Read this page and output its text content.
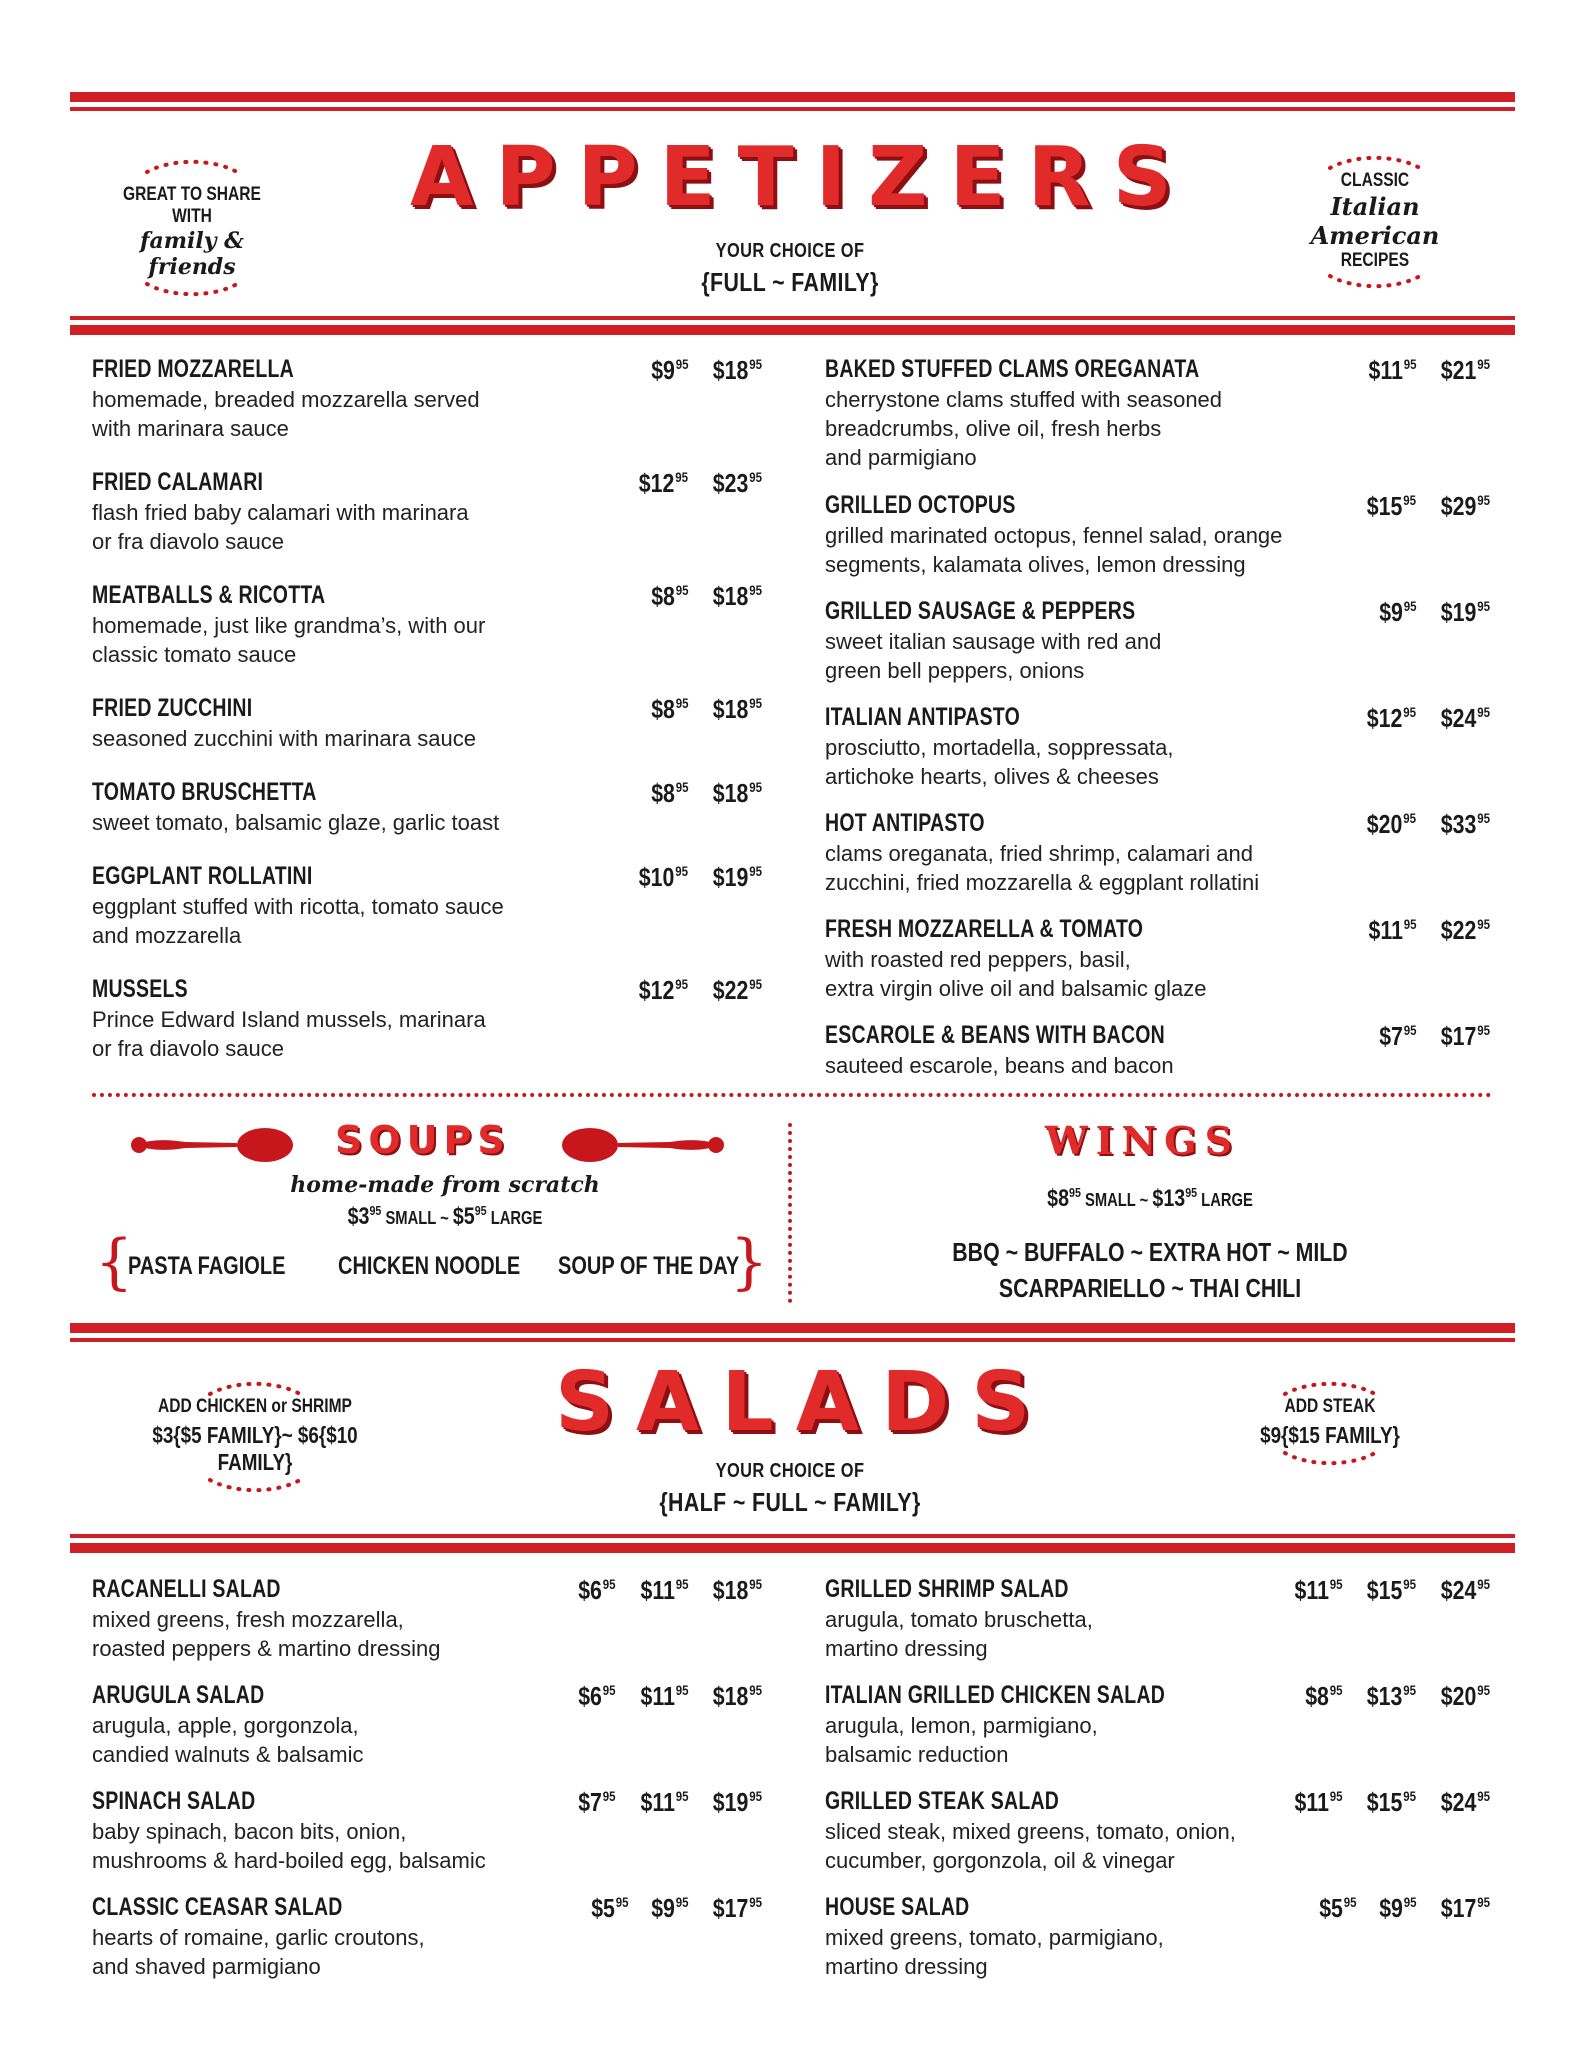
GREAT TO SHARE WITH
family & friends
APPETIZERS
YOUR CHOICE OF
{FULL ~ FAMILY}
CLASSIC
Italian American
RECIPES
FRIED MOZZARELLA
homemade, breaded mozzarella served
with marinara sauce
$\$9^{95}$ $\$18^{95}$
FRIED CALAMARI
flash fried baby calamari with marinara
or fra diavolo sauce
$\$12^{95}$ $\$23^{95}$
MEATBALLS & RICOTTA
homemade, just like grandma’s, with our
classic tomato sauce
$\$8^{95}$ $\$18^{95}$
FRIED ZUCCHINI
seasoned zucchini with marinara sauce
$\$8^{95}$ $\$18^{95}$
TOMATO BRUSCHETTA
sweet tomato, balsamic glaze, garlic toast
$\$8^{95}$ $\$18^{95}$
EGGPLANT ROLLATINI
eggplant stuffed with ricotta, tomato sauce
and mozzarella
$\$10^{95}$ $\$19^{95}$
MUSSELS
Prince Edward Island mussels, marinara
or fra diavolo sauce
$\$12^{95}$ $\$22^{95}$
BAKED STUFFED CLAMS OREGANATA
cherrystone clams stuffed with seasoned
breadcrumbs, olive oil, fresh herbs
and parmigiano
$\$11^{95}$ $\$21^{95}$
GRILLED OCTOPUS
grilled marinated octopus, fennel salad, orange
segments, kalamata olives, lemon dressing
$\$15^{95}$ $\$29^{95}$
GRILLED SAUSAGE & PEPPERS
sweet italian sausage with red and
green bell peppers, onions
$\$9^{95}$ $\$19^{95}$
ITALIAN ANTIPASTO
prosciutto, mortadella, soppressata,
artichoke hearts, olives & cheeses
$\$12^{95}$ $\$24^{95}$
HOT ANTIPASTO
clams oreganata, fried shrimp, calamari and
zucchini, fried mozzarella & eggplant rollatini
$\$20^{95}$ $\$33^{95}$
FRESH MOZZARELLA & TOMATO
with roasted red peppers, basil,
extra virgin olive oil and balsamic glaze
$\$11^{95}$ $\$22^{95}$
ESCAROLE & BEANS WITH BACON
sauteed escarole, beans and bacon
$\$7^{95}$ $\$17^{95}$
SOUPS
home-made from scratch
$\$3^{95}$ SMALL ~ $\$5^{95}$ LARGE
{
PASTA FAGIOLE CHICKEN NOODLE SOUP OF THE DAY
}
WINGS
$\$8^{95}$ SMALL ~ $\$13^{95}$ LARGE
BBQ ~ BUFFALO ~ EXTRA HOT ~ MILD
SCARPARIELLO ~ THAI CHILI
ADD CHICKEN or SHRIMP
$3{$5 FAMILY}~ $6{$10 FAMILY}
SALADS
YOUR CHOICE OF
{HALF ~ FULL ~ FAMILY}
ADD STEAK
$9{$15 FAMILY}
RACANELLI SALAD
mixed greens, fresh mozzarella,
roasted peppers & martino dressing
$\$6^{95}$ $\$11^{95}$ $\$18^{95}$
ARUGULA SALAD
arugula, apple, gorgonzola,
candied walnuts & balsamic
$\$6^{95}$ $\$11^{95}$ $\$18^{95}$
SPINACH SALAD
baby spinach, bacon bits, onion,
mushrooms & hard-boiled egg, balsamic
$\$7^{95}$ $\$11^{95}$ $\$19^{95}$
CLASSIC CEASAR SALAD
hearts of romaine, garlic croutons,
and shaved parmigiano
$\$5^{95}$ $\$9^{95}$ $\$17^{95}$
GRILLED SHRIMP SALAD
arugula, tomato bruschetta,
martino dressing
$\$11^{95}$ $\$15^{95}$ $\$24^{95}$
ITALIAN GRILLED CHICKEN SALAD
arugula, lemon, parmigiano,
balsamic reduction
$\$8^{95}$ $\$13^{95}$ $\$20^{95}$
GRILLED STEAK SALAD
sliced steak, mixed greens, tomato, onion,
cucumber, gorgonzola, oil & vinegar
$\$11^{95}$ $\$15^{95}$ $\$24^{95}$
HOUSE SALAD
mixed greens, tomato, parmigiano,
martino dressing
$\$5^{95}$ $\$9^{95}$ $\$17^{95}$
